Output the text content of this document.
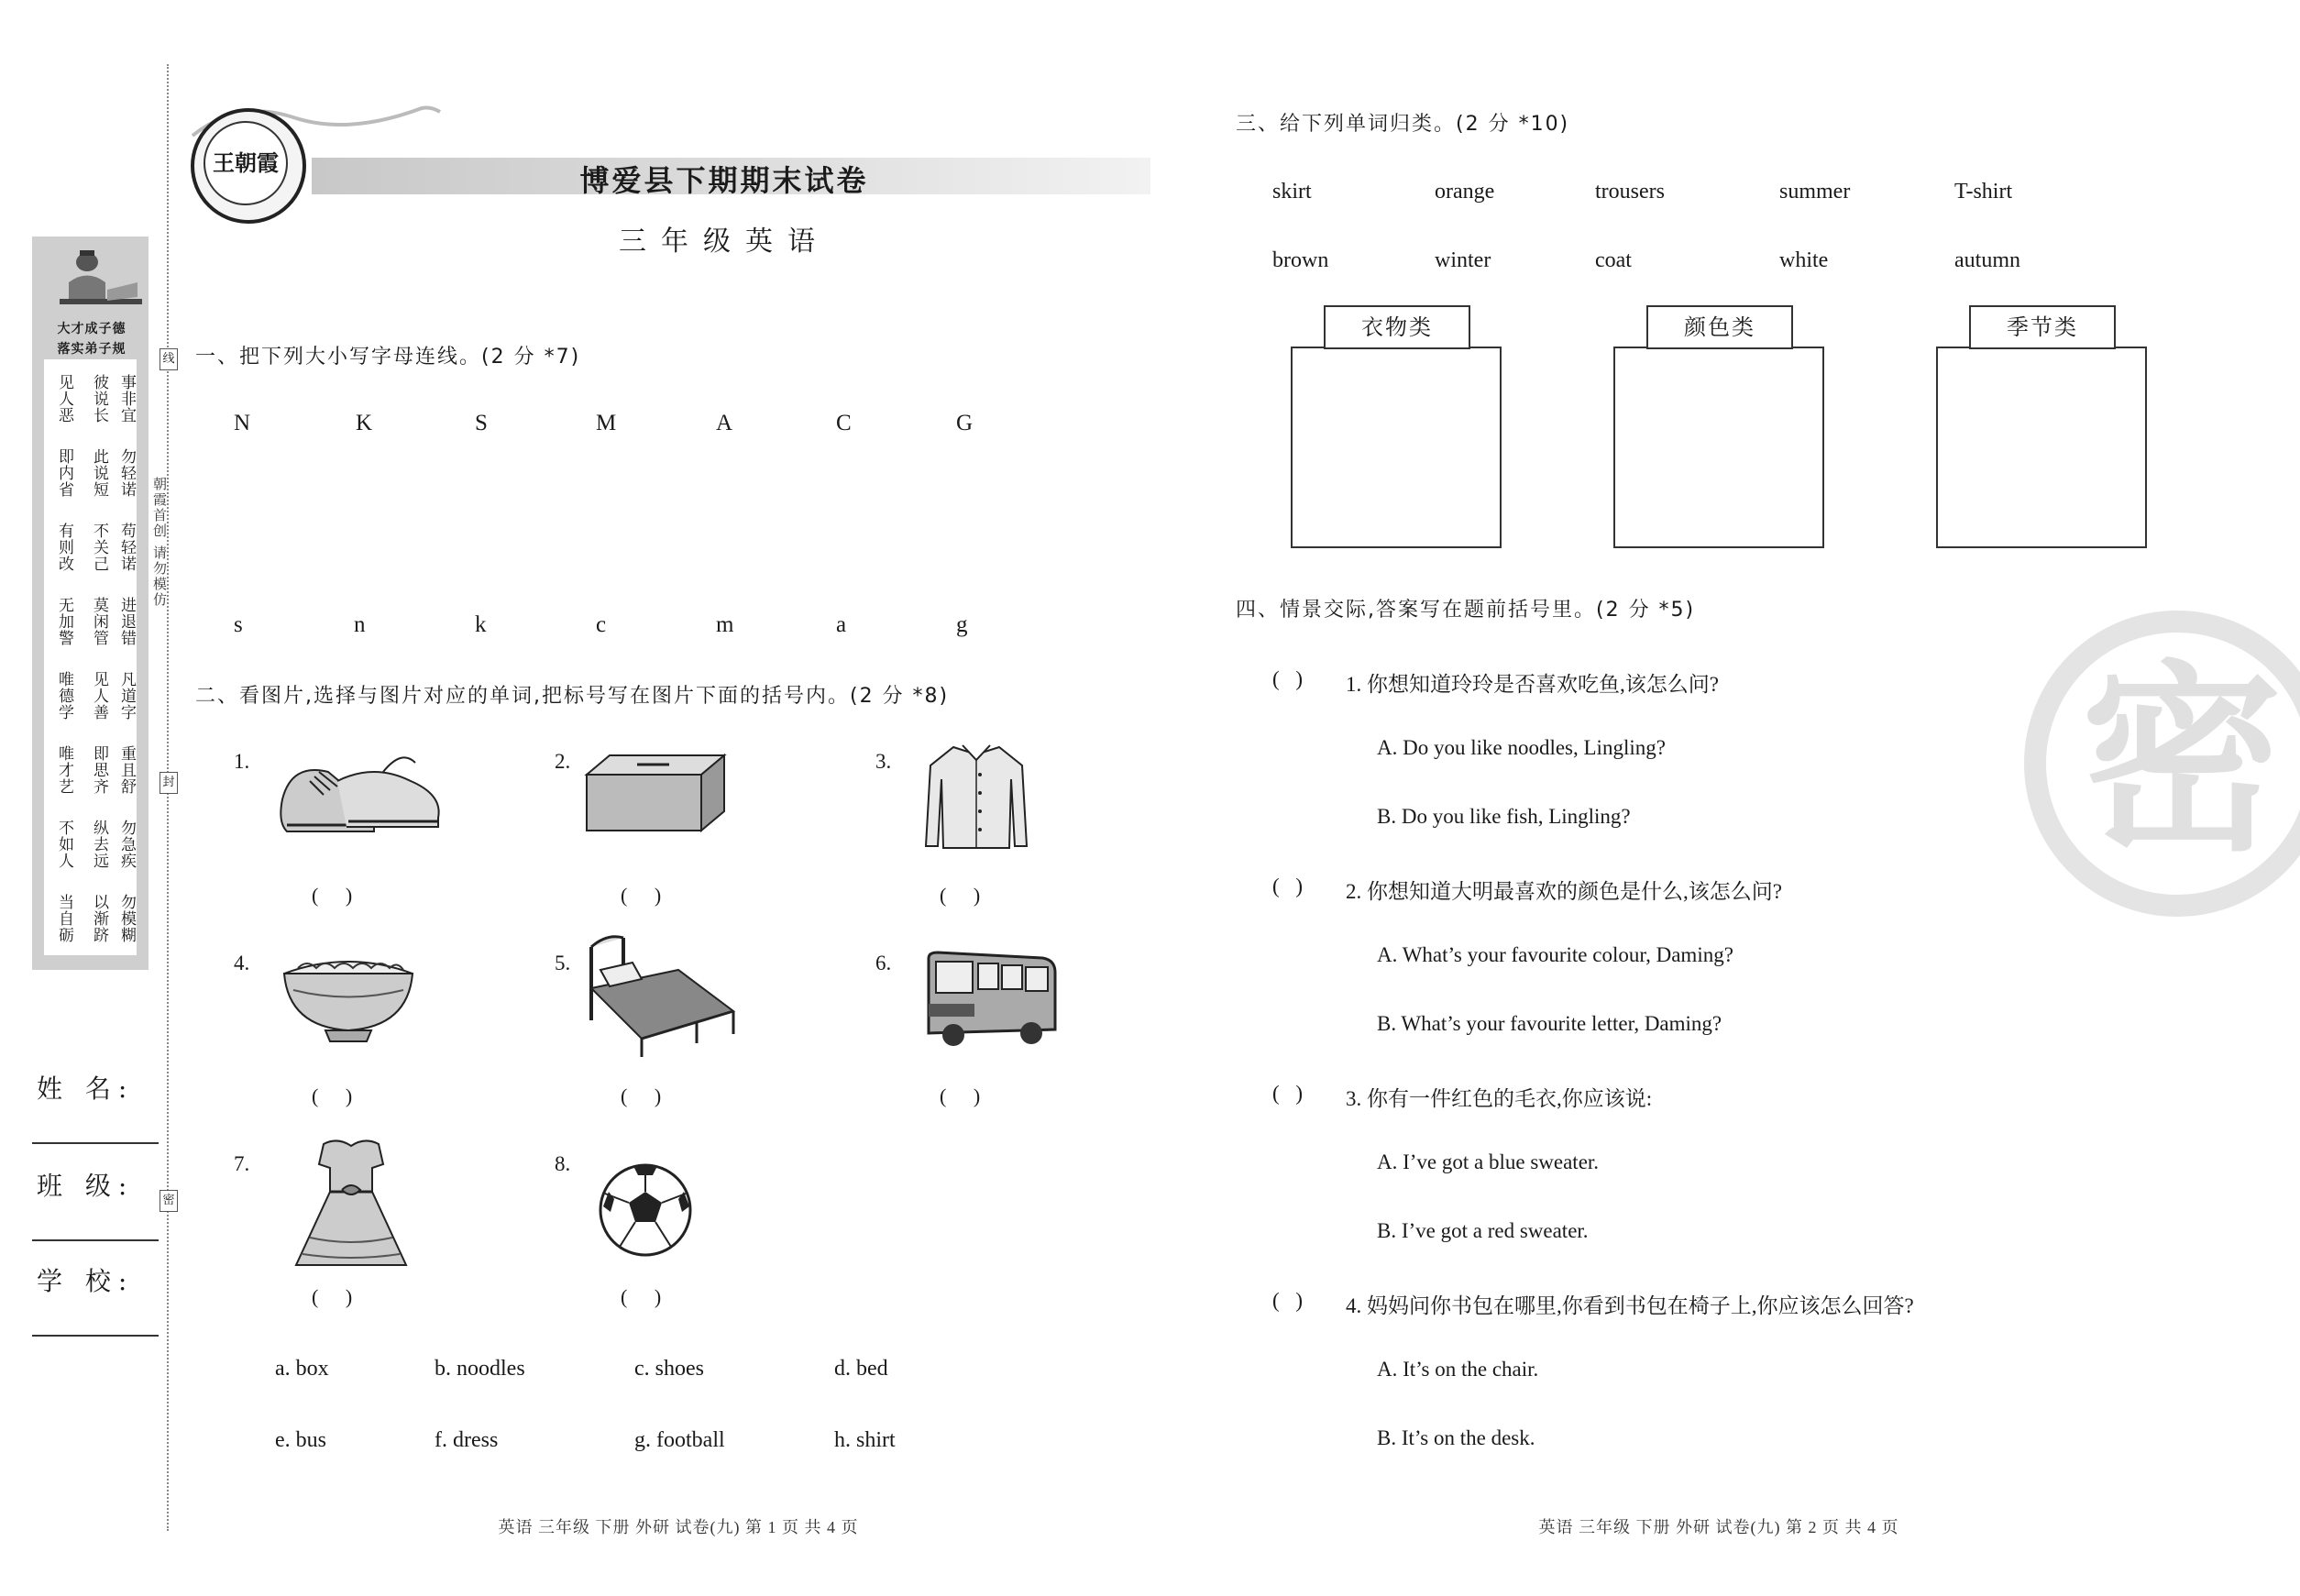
大才成子德
落实弟子规
见人恶
即内省
有则改
无加警
唯德学
唯才艺
不如人
当自砺
彼说长
此说短
不关己
莫闲管
见人善
即思齐
纵去远
以渐跻
事非宜
勿轻诺
苟轻诺
进退错
凡道字
重且舒
勿急疾
勿模糊
线
封
密
朝霞首创 请勿模仿
姓 名:
班 级:
学 校:
王朝霞
博爱县下期期末试卷
三年级英语
一、把下列大小写字母连线。(2 分 *7)
N	K	S	M	A	C	G
s	n	k	c	m	a	g
二、看图片,选择与图片对应的单词,把标号写在图片下面的括号内。(2 分 *8)
1.
( )
2.
( )
3.
( )
4.
( )
5.
( )
6.
( )
7.
( )
8.
( )
a. box	b. noodles	c. shoes	d. bed
e. bus	f. dress	g. football	h. shirt
三、给下列单词归类。(2 分 *10)
skirt	orange	trousers	summer	T-shirt
brown	winter	coat	white	autumn
衣物类	颜色类	季节类
四、情景交际,答案写在题前括号里。(2 分 *5)
( ) 1. 你想知道玲玲是否喜欢吃鱼,该怎么问?
A. Do you like noodles, Lingling?
B. Do you like fish, Lingling?
( ) 2. 你想知道大明最喜欢的颜色是什么,该怎么问?
A. What’s your favourite colour, Daming?
B. What’s your favourite letter, Daming?
( ) 3. 你有一件红色的毛衣,你应该说:
A. I’ve got a blue sweater.
B. I’ve got a red sweater.
( ) 4. 妈妈问你书包在哪里,你看到书包在椅子上,你应该怎么回答?
A. It’s on the chair.
B. It’s on the desk.
密
英语 三年级 下册 外研 试卷(九) 第 1 页 共 4 页	英语 三年级 下册 外研 试卷(九) 第 2 页 共 4 页
